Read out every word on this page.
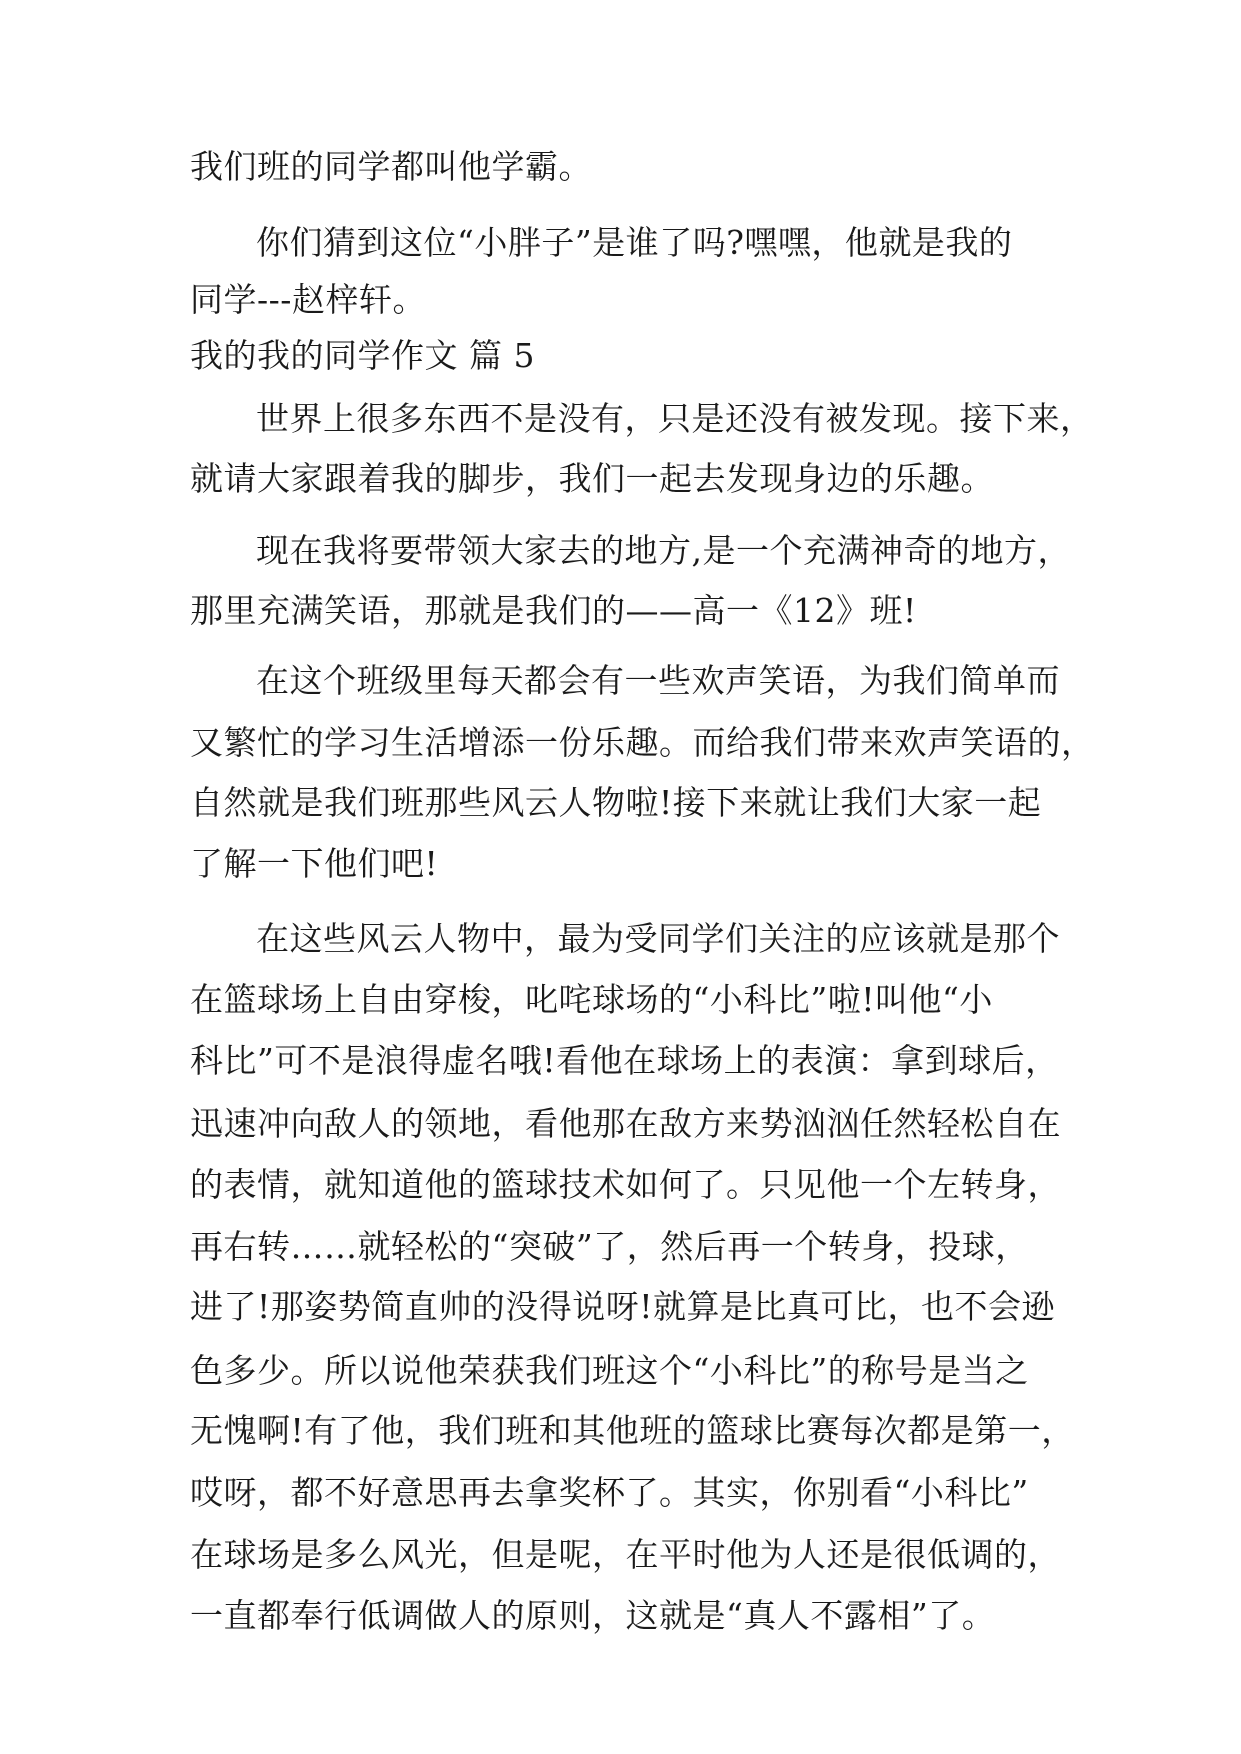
我们班的同学都叫他学霸。
你们猜到这位“小胖子”是谁了吗?嘿嘿，他就是我的
同学---赵梓轩。
我的我的同学作文 篇 5
世界上很多东西不是没有，只是还没有被发现。接下来，
就请大家跟着我的脚步，我们一起去发现身边的乐趣。
现在我将要带领大家去的地方,是一个充满神奇的地方，
那里充满笑语，那就是我们的——高一《12》班!
在这个班级里每天都会有一些欢声笑语，为我们简单而
又繁忙的学习生活增添一份乐趣。而给我们带来欢声笑语的，
自然就是我们班那些风云人物啦!接下来就让我们大家一起
了解一下他们吧!
在这些风云人物中，最为受同学们关注的应该就是那个
在篮球场上自由穿梭，叱咤球场的“小科比”啦!叫他“小
科比”可不是浪得虚名哦!看他在球场上的表演：拿到球后，
迅速冲向敌人的领地，看他那在敌方来势汹汹任然轻松自在
的表情，就知道他的篮球技术如何了。只见他一个左转身，
再右转……就轻松的“突破”了，然后再一个转身，投球，
进了!那姿势简直帅的没得说呀!就算是比真可比，也不会逊
色多少。所以说他荣获我们班这个“小科比”的称号是当之
无愧啊!有了他，我们班和其他班的篮球比赛每次都是第一，
哎呀，都不好意思再去拿奖杯了。其实，你别看“小科比”
在球场是多么风光，但是呢，在平时他为人还是很低调的，
一直都奉行低调做人的原则，这就是“真人不露相”了。
